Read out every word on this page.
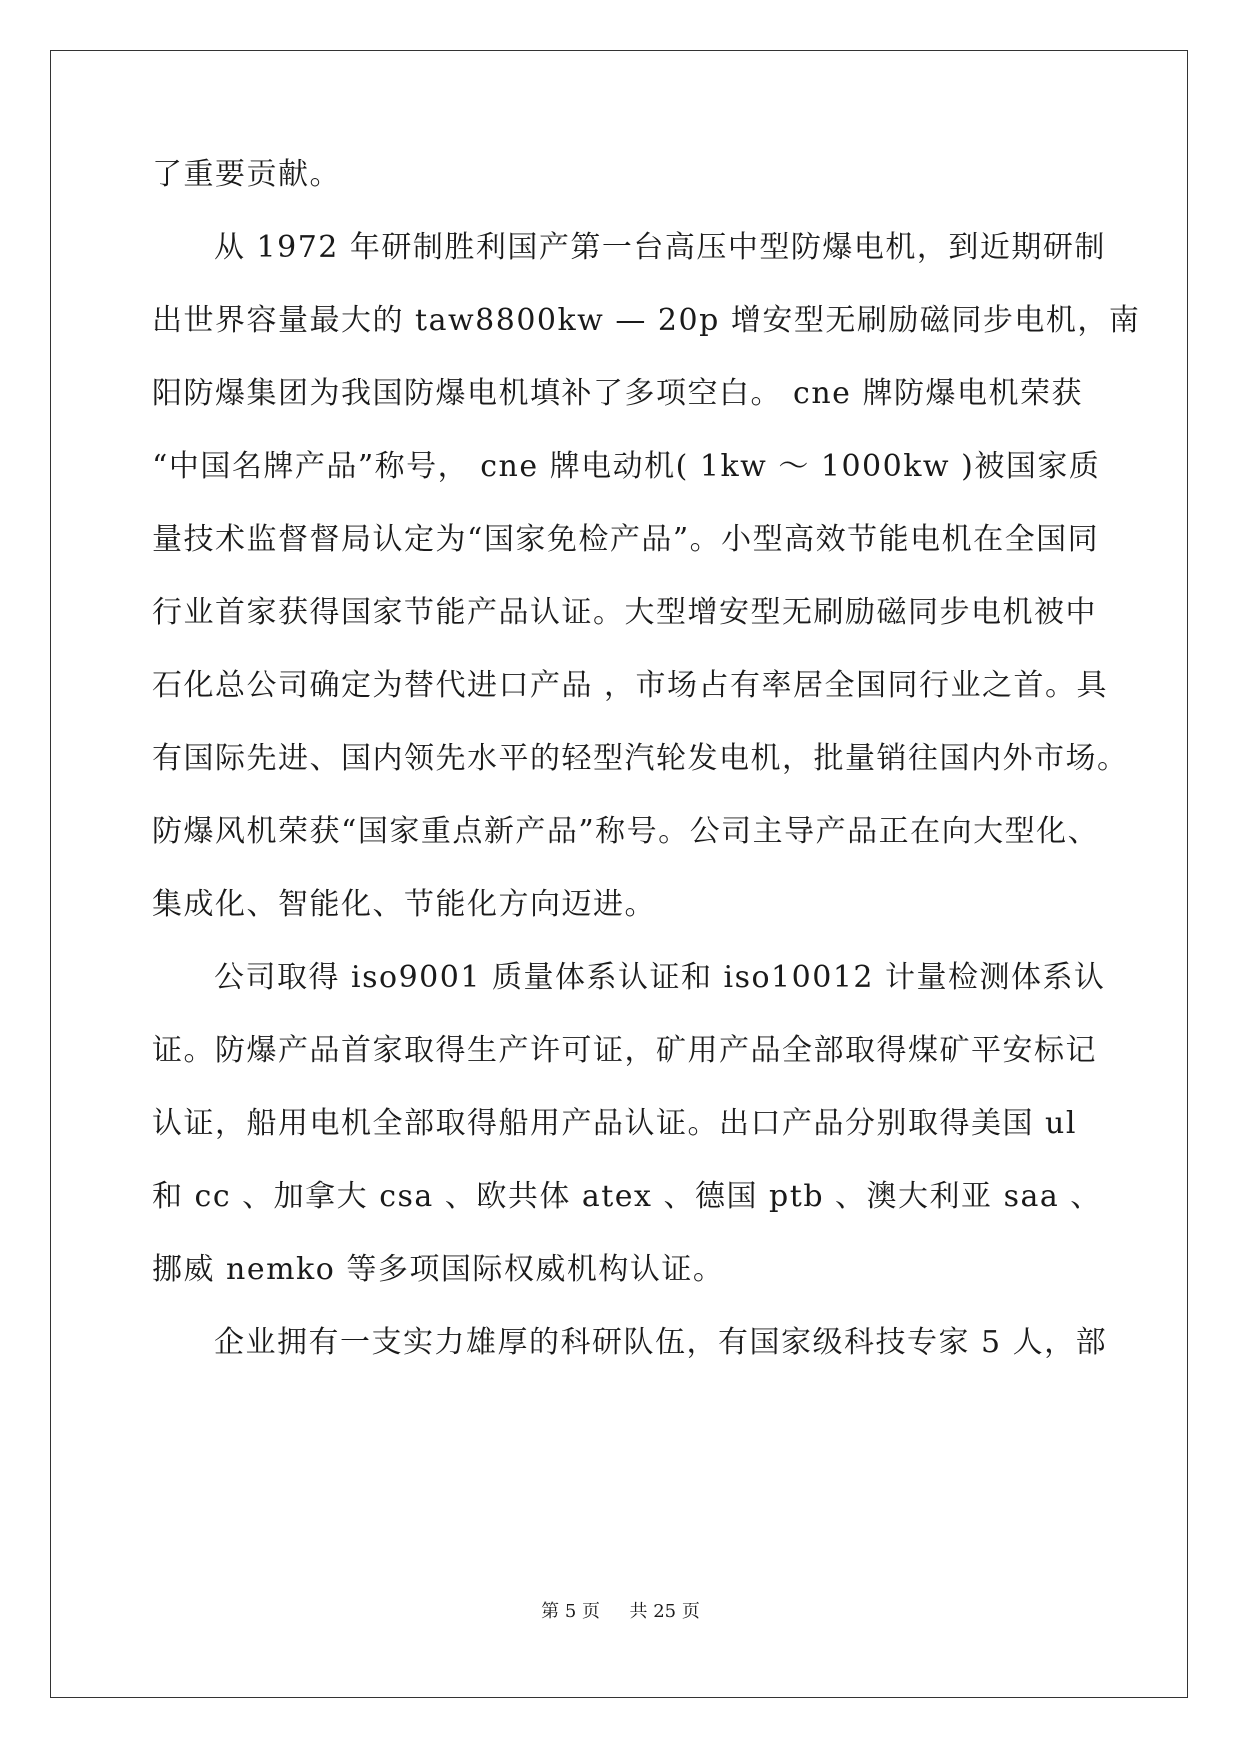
了重要贡献。
从 1972 年研制胜利国产第一台高压中型防爆电机，到近期研制
出世界容量最大的 taw8800kw — 20p 增安型无刷励磁同步电机，南
阳防爆集团为我国防爆电机填补了多项空白。 cne 牌防爆电机荣获
“中国名牌产品”称号， cne 牌电动机( 1kw ～ 1000kw )被国家质
量技术监督督局认定为“国家免检产品”。小型高效节能电机在全国同
行业首家获得国家节能产品认证。大型增安型无刷励磁同步电机被中
石化总公司确定为替代进口产品 ，市场占有率居全国同行业之首。具
有国际先进、国内领先水平的轻型汽轮发电机，批量销往国内外市场。
防爆风机荣获“国家重点新产品”称号。公司主导产品正在向大型化、
集成化、智能化、节能化方向迈进。
公司取得 iso9001 质量体系认证和 iso10012 计量检测体系认
证。防爆产品首家取得生产许可证，矿用产品全部取得煤矿平安标记
认证，船用电机全部取得船用产品认证。出口产品分别取得美国 ul
和 cc 、加拿大 csa 、欧共体 atex 、德国 ptb 、澳大利亚 saa 、
挪威 nemko 等多项国际权威机构认证。
企业拥有一支实力雄厚的科研队伍，有国家级科技专家 5 人，部
第 5 页 共 25 页
